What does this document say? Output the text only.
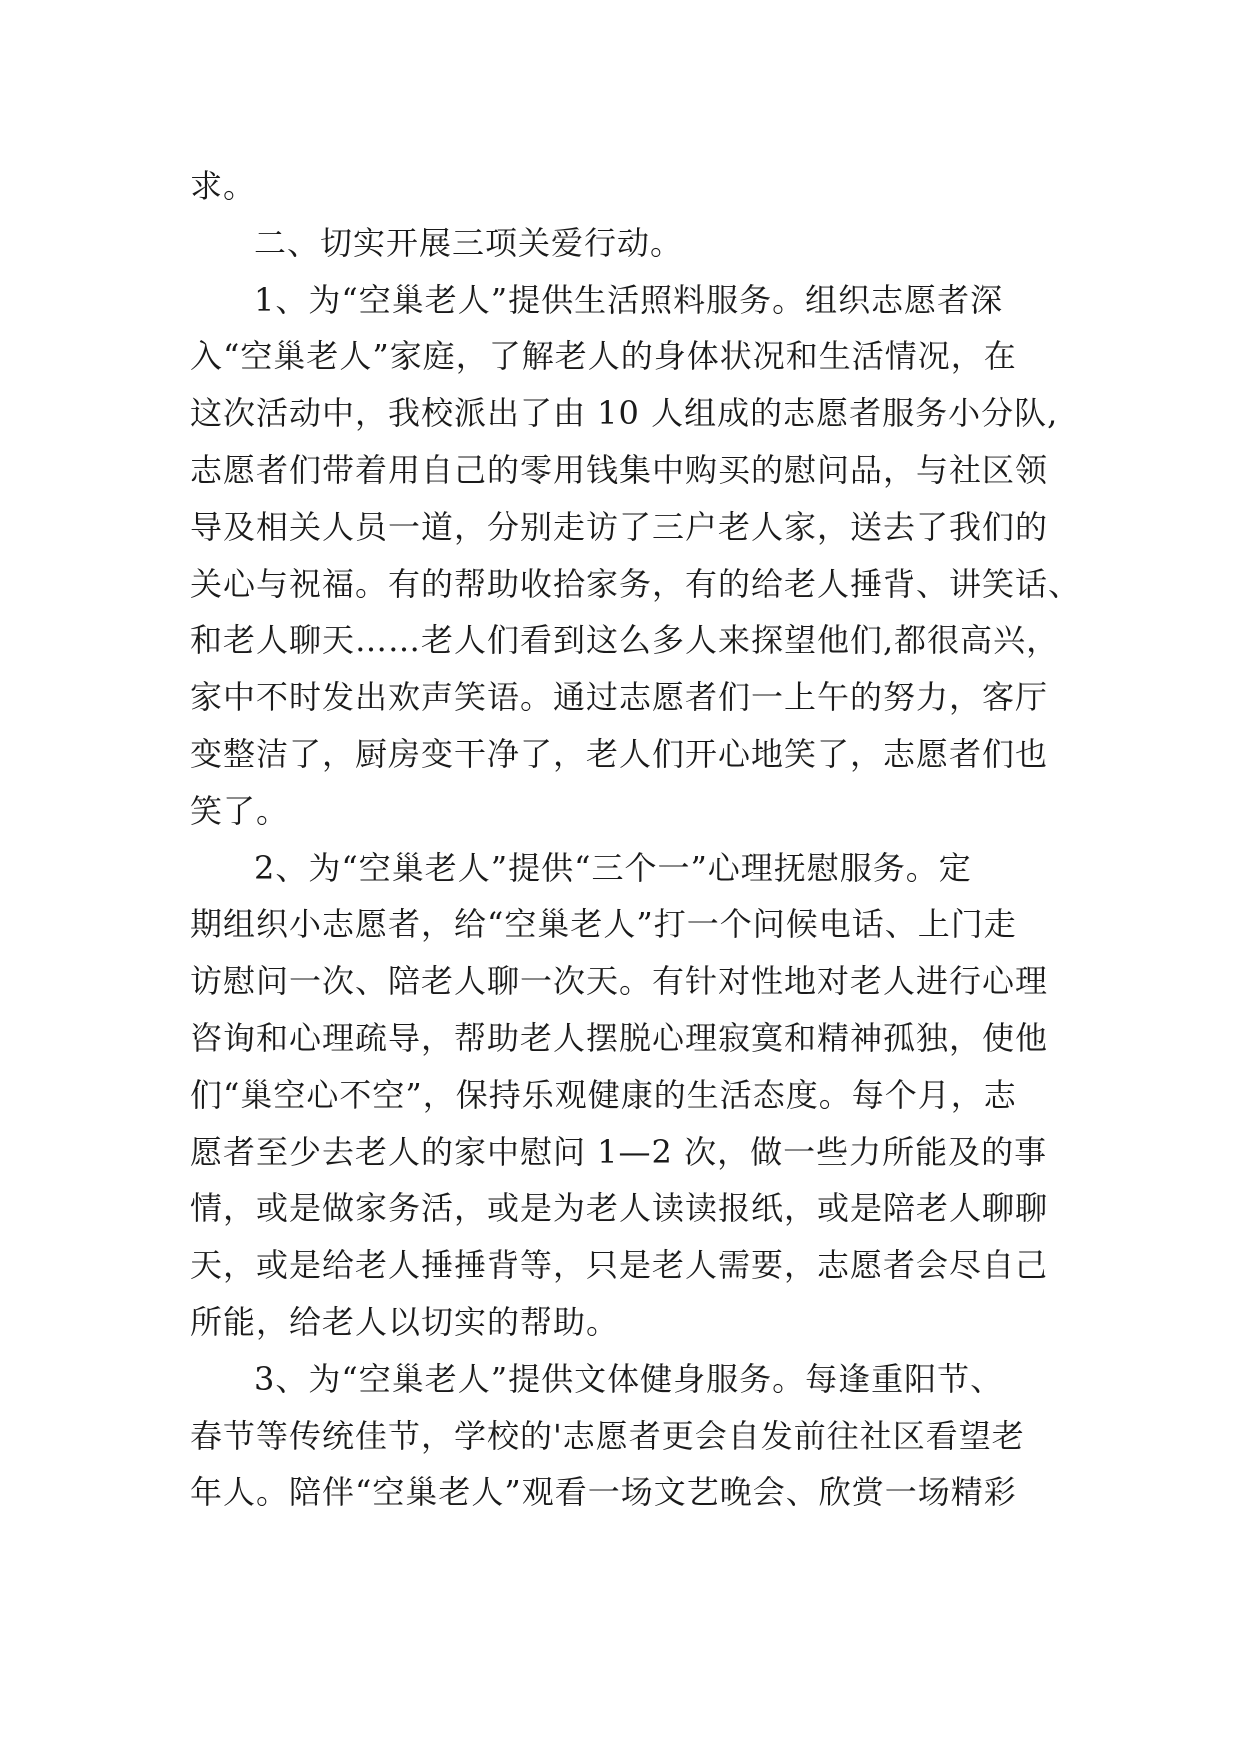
求。
二、切实开展三项关爱行动。
1、为“空巢老人”提供生活照料服务。组织志愿者深
入“空巢老人”家庭，了解老人的身体状况和生活情况，在
这次活动中，我校派出了由 10 人组成的志愿者服务小分队,
志愿者们带着用自己的零用钱集中购买的慰问品，与社区领
导及相关人员一道，分别走访了三户老人家，送去了我们的
关心与祝福。有的帮助收拾家务，有的给老人捶背、讲笑话、
和老人聊天……老人们看到这么多人来探望他们,都很高兴，
家中不时发出欢声笑语。通过志愿者们一上午的努力，客厅
变整洁了，厨房变干净了，老人们开心地笑了，志愿者们也
笑了。
2、为“空巢老人”提供“三个一”心理抚慰服务。定
期组织小志愿者，给“空巢老人”打一个问候电话、上门走
访慰问一次、陪老人聊一次天。有针对性地对老人进行心理
咨询和心理疏导，帮助老人摆脱心理寂寞和精神孤独，使他
们“巢空心不空”，保持乐观健康的生活态度。每个月，志
愿者至少去老人的家中慰问 1—2 次，做一些力所能及的事
情，或是做家务活，或是为老人读读报纸，或是陪老人聊聊
天，或是给老人捶捶背等，只是老人需要，志愿者会尽自己
所能，给老人以切实的帮助。
3、为“空巢老人”提供文体健身服务。每逢重阳节、
春节等传统佳节，学校的'志愿者更会自发前往社区看望老
年人。陪伴“空巢老人”观看一场文艺晚会、欣赏一场精彩
